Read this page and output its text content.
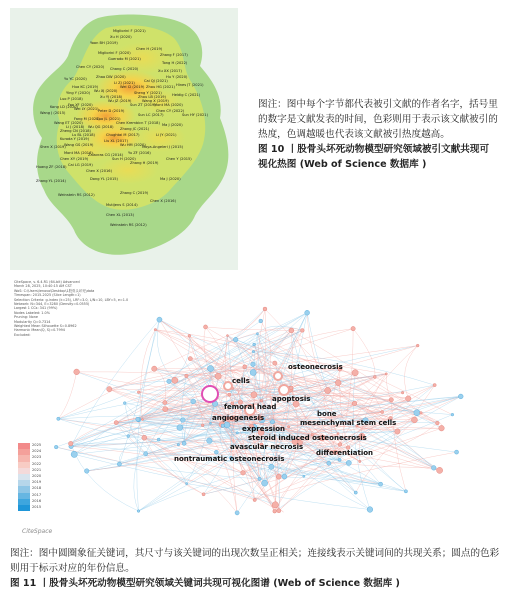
Migliorini F (2021)
Xu H (2020)
Yoon BH (2019)
Chen H (2019)
Migliorini F (2020)	Zhang F (2017)
Guerado M (2021)
Tong H (2022)
Chen CY (2020) Chang C (2020)	Xu XX (2017)
Hu Y (2020)
Cai QJ (2021)
Yu YC (2020)	Zhao DW (2020)
Hines JT (2021)
Li ZJ (2021)
Wei CI (2019) Zhou HG (2021)
Hua KC (2019)
Wu XJ (2020)	Sheng Y (2021)
Ying Y (2020)
Xu YJ (2018)	Zhou LB (2019) Heldig C (2021)
Luo P (2018)	Wu JZ (2019)	Wang X (2019)
Fan YF (2020)	Sun ZT (2019)
Wei LY (2021)
Mont MA (2020)
Kong LD (2020)
Peter D (2019)	Chen CY (2022)
Wang J (2015)	Sun LC (2017)	Sun HY (2021)
Fang M (2021)
Guo JL (2021)
Chen Krembicn T (2018)
Wang ET (2020)	Ma J (2020)
Li J (2018) Wu QG (2018)
Zheng CN (2018)	Zhong JC (2021)
Lu BL (2018)	Chughtai M (2017)	Li JY (2021)
Kuroda Y (2019)	Liu XL (2017)
Wang GS (2019)	Wu HM (2020)
Shen X (2019)
Mont MA (2016)
Zalavras CG (2014)
Moya-Angeleri J (2015)
Chen XY (2019)	Sun H (2020)
Zhang H (2019)
Chen Y (2015)
Yu ZF (2016)
Huang ZF (2018) Cai LG (2019)
Chen X (2016)
Zhang YL (2014)	Dong YL (2015)	Ma J (2020)
Zhang C (2019)
Mutijens S (2014)
Chen X (2016)
Weinstein RS (2012)
Chen XL (2013)
Weinstein RS (2012)

图注：图中每个字节都代表被引文献的作者名字，括号里的数字是文献发表的时间，色彩则用于表示该文献被引的热度，色调越暖也代表该文献被引热度越高。

图 10 丨股骨头坏死动物模型研究领域被引文献共现可视化热图 (Web of Science 数据库 )

CiteSpace, v. 6.4.R1 (64-bit) Advanced
March 28, 2025, 10:40:15 AM CST
WoS: C:\Users\lenovo\Desktop\1股骨头坏死\data
Timespan: 2015-2025 (Slice Length=1)
Selection Criteria: g-index (k=25), LRF=3.0, L/N=10, LBY=5, e=1.0
Network: N=344, E=3280 (Density=0.0555)
Largest 1 CCs: 341 (99%)
Nodes Labeled: 1.0%
Pruning: None
Modularity Q=0.7314
Weighted Mean Silhouette S=0.8962
Harmonic Mean(Q, S)=0.7994
Excluded:
osteonecrosis
cells
apoptosis
femoral head
angiogenesis
mesenchymal stem cells
bone
expression
steroid induced osteonecrosis
avascular necrosis
differentiation
nontraumatic osteonecrosis
2025
2024
2023
2022
2021
2020
2019
2018
2017
2016
2015
CiteSpace

图注：图中圆圈象征关键词，其尺寸与该关键词的出现次数呈正相关；连接线表示关键词间的共现关系；圆点的色彩则用于标示对应的年份信息。

图 11 丨股骨头坏死动物模型研究领域关键词共现可视化图谱 (Web of Science 数据库 )
